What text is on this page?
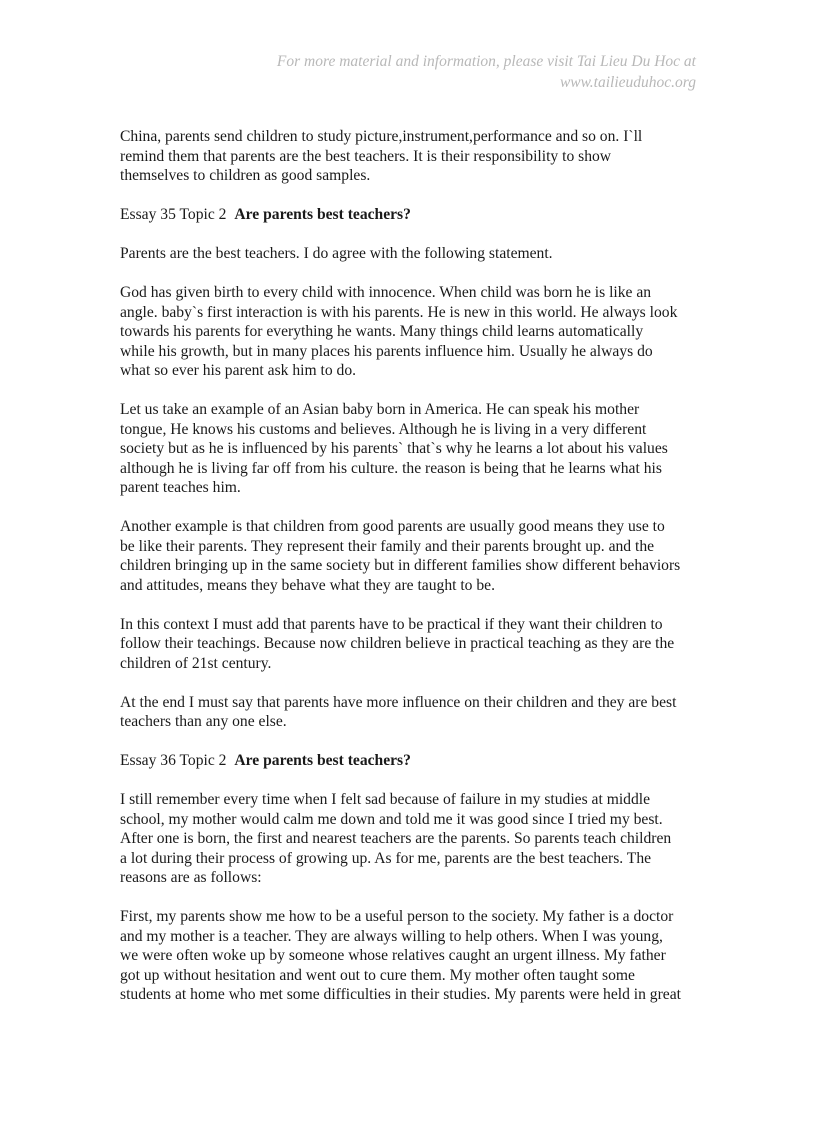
For more material and information, please visit Tai Lieu Du Hoc at
www.tailieuduhoc.org
China, parents send children to study picture,instrument,performance and so on. I`ll
remind them that parents are the best teachers. It is their responsibility to show
themselves to children as good samples.
Essay 35 Topic 2 Are parents best teachers?
Parents are the best teachers. I do agree with the following statement.
God has given birth to every child with innocence. When child was born he is like an
angle. baby`s first interaction is with his parents. He is new in this world. He always look
towards his parents for everything he wants. Many things child learns automatically
while his growth, but in many places his parents influence him. Usually he always do
what so ever his parent ask him to do.
Let us take an example of an Asian baby born in America. He can speak his mother
tongue, He knows his customs and believes. Although he is living in a very different
society but as he is influenced by his parents` that`s why he learns a lot about his values
although he is living far off from his culture. the reason is being that he learns what his
parent teaches him.
Another example is that children from good parents are usually good means they use to
be like their parents. They represent their family and their parents brought up. and the
children bringing up in the same society but in different families show different behaviors
and attitudes, means they behave what they are taught to be.
In this context I must add that parents have to be practical if they want their children to
follow their teachings. Because now children believe in practical teaching as they are the
children of 21st century.
At the end I must say that parents have more influence on their children and they are best
teachers than any one else.
Essay 36 Topic 2 Are parents best teachers?
I still remember every time when I felt sad because of failure in my studies at middle
school, my mother would calm me down and told me it was good since I tried my best.
After one is born, the first and nearest teachers are the parents. So parents teach children
a lot during their process of growing up. As for me, parents are the best teachers. The
reasons are as follows:
First, my parents show me how to be a useful person to the society. My father is a doctor
and my mother is a teacher. They are always willing to help others. When I was young,
we were often woke up by someone whose relatives caught an urgent illness. My father
got up without hesitation and went out to cure them. My mother often taught some
students at home who met some difficulties in their studies. My parents were held in great
